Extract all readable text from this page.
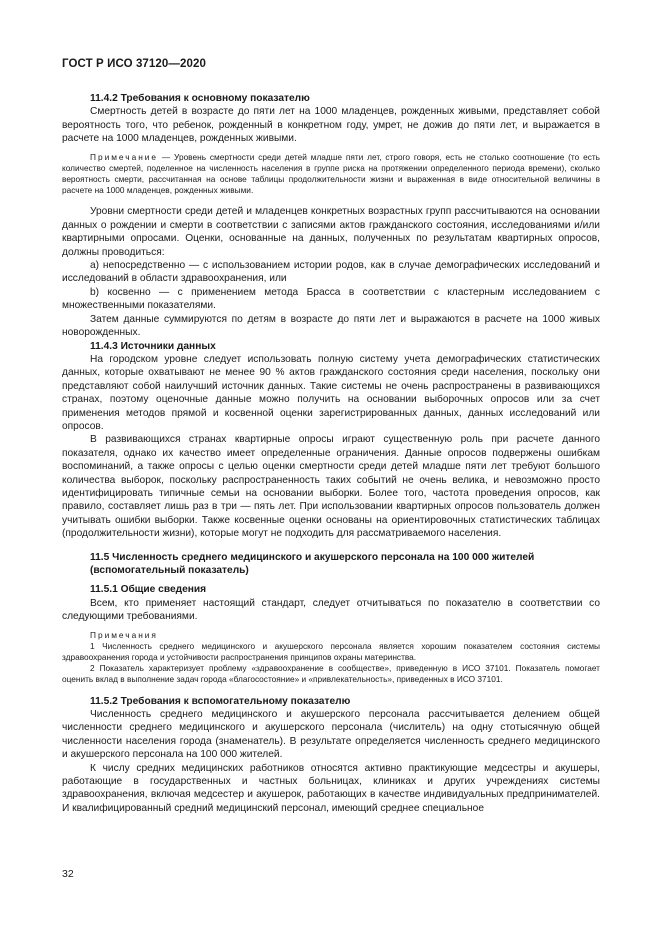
ГОСТ Р ИСО 37120—2020

11.4.2 Требования к основному показателю

Смертность детей в возрасте до пяти лет на 1000 младенцев, рожденных живыми, представляет собой вероятность того, что ребенок, рожденный в конкретном году, умрет, не дожив до пяти лет, и выражается в расчете на 1000 младенцев, рожденных живыми.

Примечание — Уровень смертности среди детей младше пяти лет, строго говоря, есть не столько соотношение (то есть количество смертей, поделенное на численность населения в группе риска на протяжении определенного периода времени), сколько вероятность смерти, рассчитанная на основе таблицы продолжительности жизни и выраженная в виде относительной величины в расчете на 1000 младенцев, рожденных живыми.

Уровни смертности среди детей и младенцев конкретных возрастных групп рассчитываются на основании данных о рождении и смерти в соответствии с записями актов гражданского состояния, исследованиями и/или квартирными опросами. Оценки, основанные на данных, полученных по результатам квартирных опросов, должны проводиться:

a) непосредственно — с использованием истории родов, как в случае демографических исследований и исследований в области здравоохранения, или

b) косвенно — с применением метода Брасса в соответствии с кластерным исследованием с множественными показателями.

Затем данные суммируются по детям в возрасте до пяти лет и выражаются в расчете на 1000 живых новорожденных.

11.4.3 Источники данных

На городском уровне следует использовать полную систему учета демографических статистических данных, которые охватывают не менее 90 % актов гражданского состояния среди населения, поскольку они представляют собой наилучший источник данных. Такие системы не очень распространены в развивающихся странах, поэтому оценочные данные можно получить на основании выборочных опросов или за счет применения методов прямой и косвенной оценки зарегистрированных данных, данных исследований или опросов.

В развивающихся странах квартирные опросы играют существенную роль при расчете данного показателя, однако их качество имеет определенные ограничения. Данные опросов подвержены ошибкам воспоминаний, а также опросы с целью оценки смертности среди детей младше пяти лет требуют большого количества выборок, поскольку распространенность таких событий не очень велика, и невозможно просто идентифицировать типичные семьи на основании выборки. Более того, частота проведения опросов, как правило, составляет лишь раз в три — пять лет. При использовании квартирных опросов пользователь должен учитывать ошибки выборки. Также косвенные оценки основаны на ориентировочных статистических таблицах (продолжительности жизни), которые могут не подходить для рассматриваемого населения.

11.5 Численность среднего медицинского и акушерского персонала на 100 000 жителей (вспомогательный показатель)

11.5.1 Общие сведения

Всем, кто применяет настоящий стандарт, следует отчитываться по показателю в соответствии со следующими требованиями.

Примечания

1 Численность среднего медицинского и акушерского персонала является хорошим показателем состояния системы здравоохранения города и устойчивости распространения принципов охраны материнства.

2 Показатель характеризует проблему «здравоохранение в сообществе», приведенную в ИСО 37101. Показатель помогает оценить вклад в выполнение задач города «благосостояние» и «привлекательность», приведенных в ИСО 37101.

11.5.2 Требования к вспомогательному показателю

Численность среднего медицинского и акушерского персонала рассчитывается делением общей численности среднего медицинского и акушерского персонала (числитель) на одну стотысячную общей численности населения города (знаменатель). В результате определяется численность среднего медицинского и акушерского персонала на 100 000 жителей.

К числу средних медицинских работников относятся активно практикующие медсестры и акушеры, работающие в государственных и частных больницах, клиниках и других учреждениях системы здравоохранения, включая медсестер и акушерок, работающих в качестве индивидуальных предпринимателей. И квалифицированный средний медицинский персонал, имеющий среднее специальное

32
